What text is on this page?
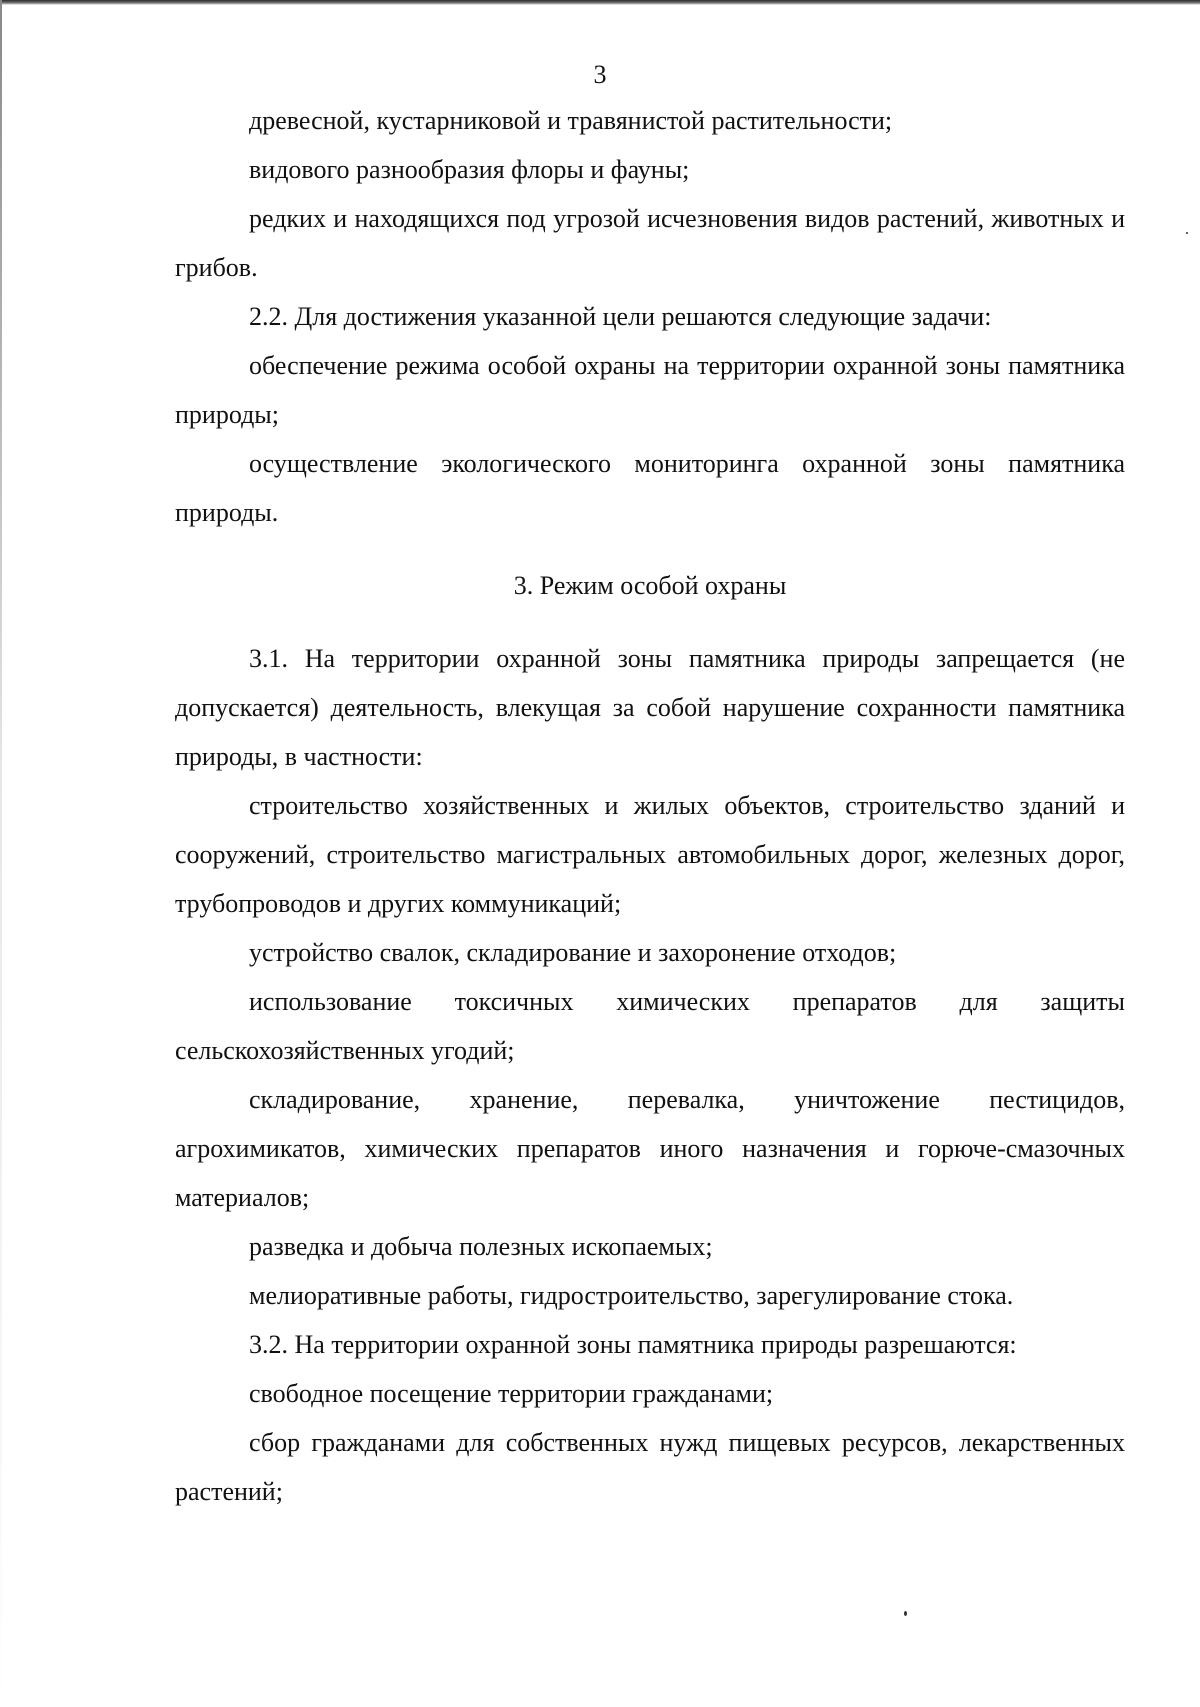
3

древесной, кустарниковой и травянистой растительности;

видового разнообразия флоры и фауны;

редких и находящихся под угрозой исчезновения видов растений, животных и грибов.

2.2. Для достижения указанной цели решаются следующие задачи:

обеспечение режима особой охраны на территории охранной зоны памятника природы;

осуществление экологического мониторинга охранной зоны памятника природы.

3. Режим особой охраны

3.1. На территории охранной зоны памятника природы запрещается (не допускается) деятельность, влекущая за собой нарушение сохранности памятника природы, в частности:

строительство хозяйственных и жилых объектов, строительство зданий и сооружений, строительство магистральных автомобильных дорог, железных дорог, трубопроводов и других коммуникаций;

устройство свалок, складирование и захоронение отходов;

использование токсичных химических препаратов для защиты сельскохозяйственных угодий;

складирование, хранение, перевалка, уничтожение пестицидов, агрохимикатов, химических препаратов иного назначения и горюче-смазочных материалов;

разведка и добыча полезных ископаемых;

мелиоративные работы, гидростроительство, зарегулирование стока.

3.2. На территории охранной зоны памятника природы разрешаются:

свободное посещение территории гражданами;

сбор гражданами для собственных нужд пищевых ресурсов, лекарственных растений;
